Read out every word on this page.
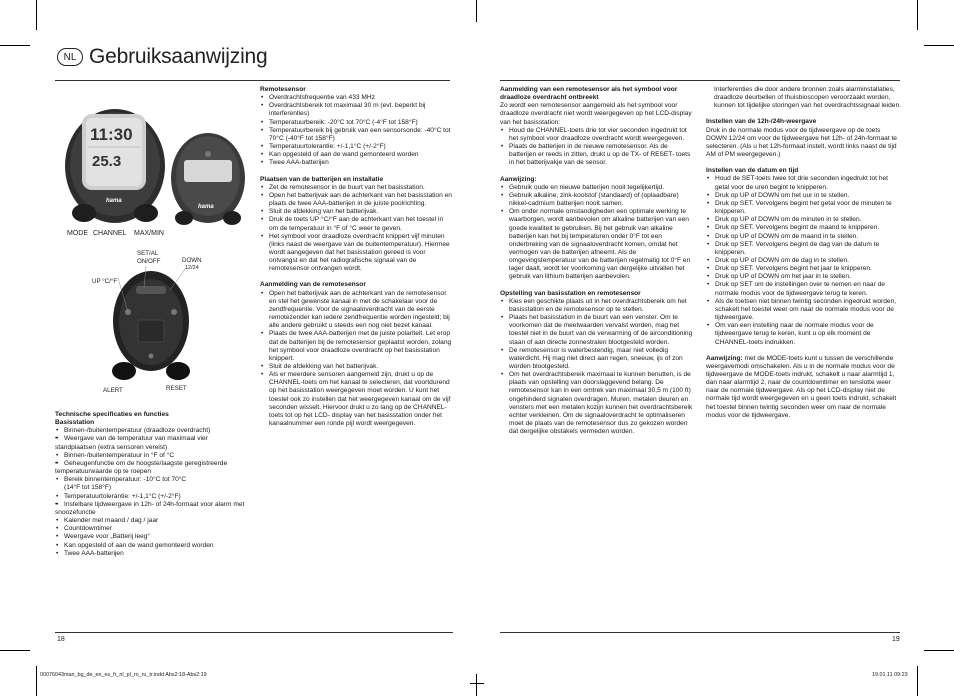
NL Gebruiksaanwijzing
11:30
25.3
hama
hama
MODE CHANNEL MAX/MIN
SET/AL
ON/OFF	DOWN
12/24
UP °C/°F
ALERT	RESET
Technische specificaties en functies
Basisstation
• Binnen-/buitentemperatuur (draadloze overdracht)
• • Weergave van de temperatuur van maximaal vier standplaatsen (extra sensoren vereist)
• Binnen-/buitentemperatuur in °F of °C
• • Geheugenfunctie om de hoogste/laagste geregistreerde temperatuurwaarde op te roepen
• Bereik binnentemperatuur: -10°C tot 70°C
(14°F tot 158°F)
• Temperatuurtolerantie: +/-1,1°C (+/-2°F)
• • Instelbare tijdweergave in 12h- of 24h-formaat voor alarm met snoozefunctie
• Kalender met maand / dag / jaar
• Countdowntimer
• Weergave voor „Batterij leeg“
• Kan opgesteld of aan de wand gemonteerd worden
• Twee AAA-batterijen
Remotesensor
• Overdrachtsfrequentie van 433 MHz
• Overdrachtsbereik tot maximaal 30 m (evt. beperkt bij interferenties)
• Temperatuurbereik: -20°C tot 70°C (-4°F tot 158°F)
• Temperatuurbereik bij gebruik van een sensorsonde: -40°C tot 70°C (-40°F tot 158°F)
• Temperatuurtolerantie: +/-1,1°C (+/-2°F)
• Kan opgesteld of aan de wand gemonteerd worden
• Twee AAA-batterijen
Plaatsen van de batterijen en installatie
• Zet de remotesensor in de buurt van het basisstation.
• Open het batterijvak aan de achterkant van het basisstation en plaats de twee AAA-batterijen in de juiste poolrichting.
• Sluit de afdekking van het batterijvak.
• Druk de toets UP °C/°F aan de achterkant van het toestel in om de temperatuur in °F of °C weer te geven.
• Het symbool voor draadloze overdracht knippert vijf minuten (links naast de weergave van de buitentemperatuur). Hiermee wordt aangegeven dat het basisstation gereed is voor ontvangst en dat het radiografische signaal van de remotesensor ontvangen wordt.
Aanmelding van de remotesensor
• Open het batterijvak aan de achterkant van de remotesensor en stel het gewenste kanaal in met de schakelaar voor de zendfrequentie. Voor de signaaloverdracht van de eerste remotezender kan iedere zendfrequentie worden ingesteld; bij alle andere gebruikt u steeds een nog niet bezet kanaal.
• Plaats de twee AAA-batterijen met de juiste polariteit. Let erop dat de batterijen bij de remotesensor geplaatst worden, zolang het symbool voor draadloze overdracht op het basisstation knippert.
• Sluit de afdekking van het batterijvak.
• Als er meerdere sensoren aangemeld zijn, drukt u op de CHANNEL-toets om het kanaal te selecteren, dat voortdurend op het basisstation weergegeven moet worden. U kunt het toestel ook zo instellen dat het weergegeven kanaal om de vijf seconden wisselt. Hiervoor drukt u zo lang op de CHANNEL-toets tot op het LCD- display van het basisstation onder het kanaalnummer een ronde pijl wordt weergegeven.
Aanmelding van een remotesensor als het symbool voor draadloze overdracht ontbreekt

Zo wordt een remotesensor aangemeld als het symbool voor draadloze overdracht niet wordt weergegeven op het LCD-display van het basisstation:

• Houd de CHANNEL-toets drie tot vier seconden ingedrukt tot het symbool voor draadloze overdracht wordt weergegeven.
• Plaats de batterijen in de nieuwe remotesensor. Als de batterijen er reeds in zitten, drukt u op de TX- of RESET- toets in het batterijvakje van de sensor.
Aanwijzing:
• Gebruik oude en nieuwe batterijen nooit tegelijkertijd.
• Gebruik alkaline, zink-koolstof (standaard) of (oplaadbare) nikkel-cadmium batterijen nooit samen.
• Om onder normale omstandigheden een optimale werking te waarborgen, wordt aanbevolen om alkaline batterijen van een goede kwaliteit te gebruiken. Bij het gebruik van alkaline batterijen kan het bij temperaturen onder 0°F tot een onderbreking van de signaaloverdracht komen, omdat het vermogen van de batterijen afneemt. Als de omgevingstemperatuur van de batterijen regelmatig tot 0°F en lager daalt, wordt ter voorkoming van dergelijke uitvallen het gebruik van lithium batterijen aanbevolen.
Opstelling van basisstation en remotesensor
• Kies een geschikte plaats uit in het overdrachtsbereik om het basisstation en de remotesensor op te stellen.
• Plaats het basisstation in de buurt van een venster. Om te voorkomen dat de meetwaarden vervalst worden, mag het toestel niet in de buurt van de verwarming of de airconditioning staan of aan directe zonnestralen blootgesteld worden.
• De remotesensor is waterbestendig, maar niet volledig waterdicht. Hij mag niet direct aan regen, sneeuw, ijs of zon worden blootgesteld.
• Om het overdrachtsbereik maximaal te kunnen benutten, is de plaats van opstelling van doorslaggevend belang. De remotesensor kan in een omtrek van maximaal 30,5 m (100 ft) ongehinderd signalen overdragen. Muren, metalen deuren en vensters met een metalen kozijn kunnen het overdrachtsbereik echter verkleinen. Om de signaaloverdracht te optimaliseren moet de plaats van de remotesensor dus zo gekozen worden dat dergelijke obstakels vermeden worden.

Interferenties die door andere bronnen zoals alarminstallaties, draadloze deurbellen of thuisbioscopen veroorzaakt worden, kunnen tot tijdelijke storingen van het overdrachtssignaal leiden.

Instellen van de 12h-/24h-weergave

Druk in de normale modus voor de tijdweergave op de toets DOWN 12/24 om voor de tijdweergave het 12h- of 24h-formaat te selecteren. (Als u het 12h-formaat instelt, wordt links naast de tijd AM of PM weergegeven.)

Instellen van de datum en tijd
• Houd de SET-toets twee tot drie seconden ingedrukt tot het getal voor de uren begint te knipperen.
• Druk op UP of DOWN om het uur in te stellen.
• Druk op SET. Vervolgens begint het getal voor de minuten te knipperen.
• Druk op UP of DOWN om de minuten in te stellen.
• Druk op SET. Vervolgens begint de maand te knipperen.
• Druk op UP of DOWN om de maand in te stellen.
• Druk op SET. Vervolgens begint de dag van de datum te knipperen.
• Druk op UP of DOWN om de dag in te stellen.
• Druk op SET. Vervolgens begint het jaar te knipperen.
• Druk op UP of DOWN om het jaar in te stellen.
• Druk op SET om de instellingen over te nemen en naar de normale modus voor de tijdweergave terug te keren.
• Als de toetsen niet binnen twintig seconden ingedrukt worden, schakelt het toestel weer om naar de normale modus voor de tijdweergave.
• Om van een instelling naar de normale modus voor de tijdweergave terug te keren, kunt u op elk moment de CHANNEL-toets indrukken.

Aanwijzing: met de MODE-toets kunt u tussen de verschillende weergavemodi omschakelen. Als u in de normale modus voor de tijdweergave de MODE-toets indrukt, schakelt u naar alarmtijd 1, dan naar alarmtijd 2, naar de countdowntimer en tenslotte weer naar de normale tijdweergave. Als op het LCD-display niet de normale tijd wordt weergegeven en u geen toets indrukt, schakelt het toestel binnen twintig seconden weer om naar de normale modus voor de tijdweergave.

18	19
00076043man_bg_de_en_es_fr_nl_pl_ro_ru_tr.indd Abs2:18-Abs2:19	19.01.11 09:23
